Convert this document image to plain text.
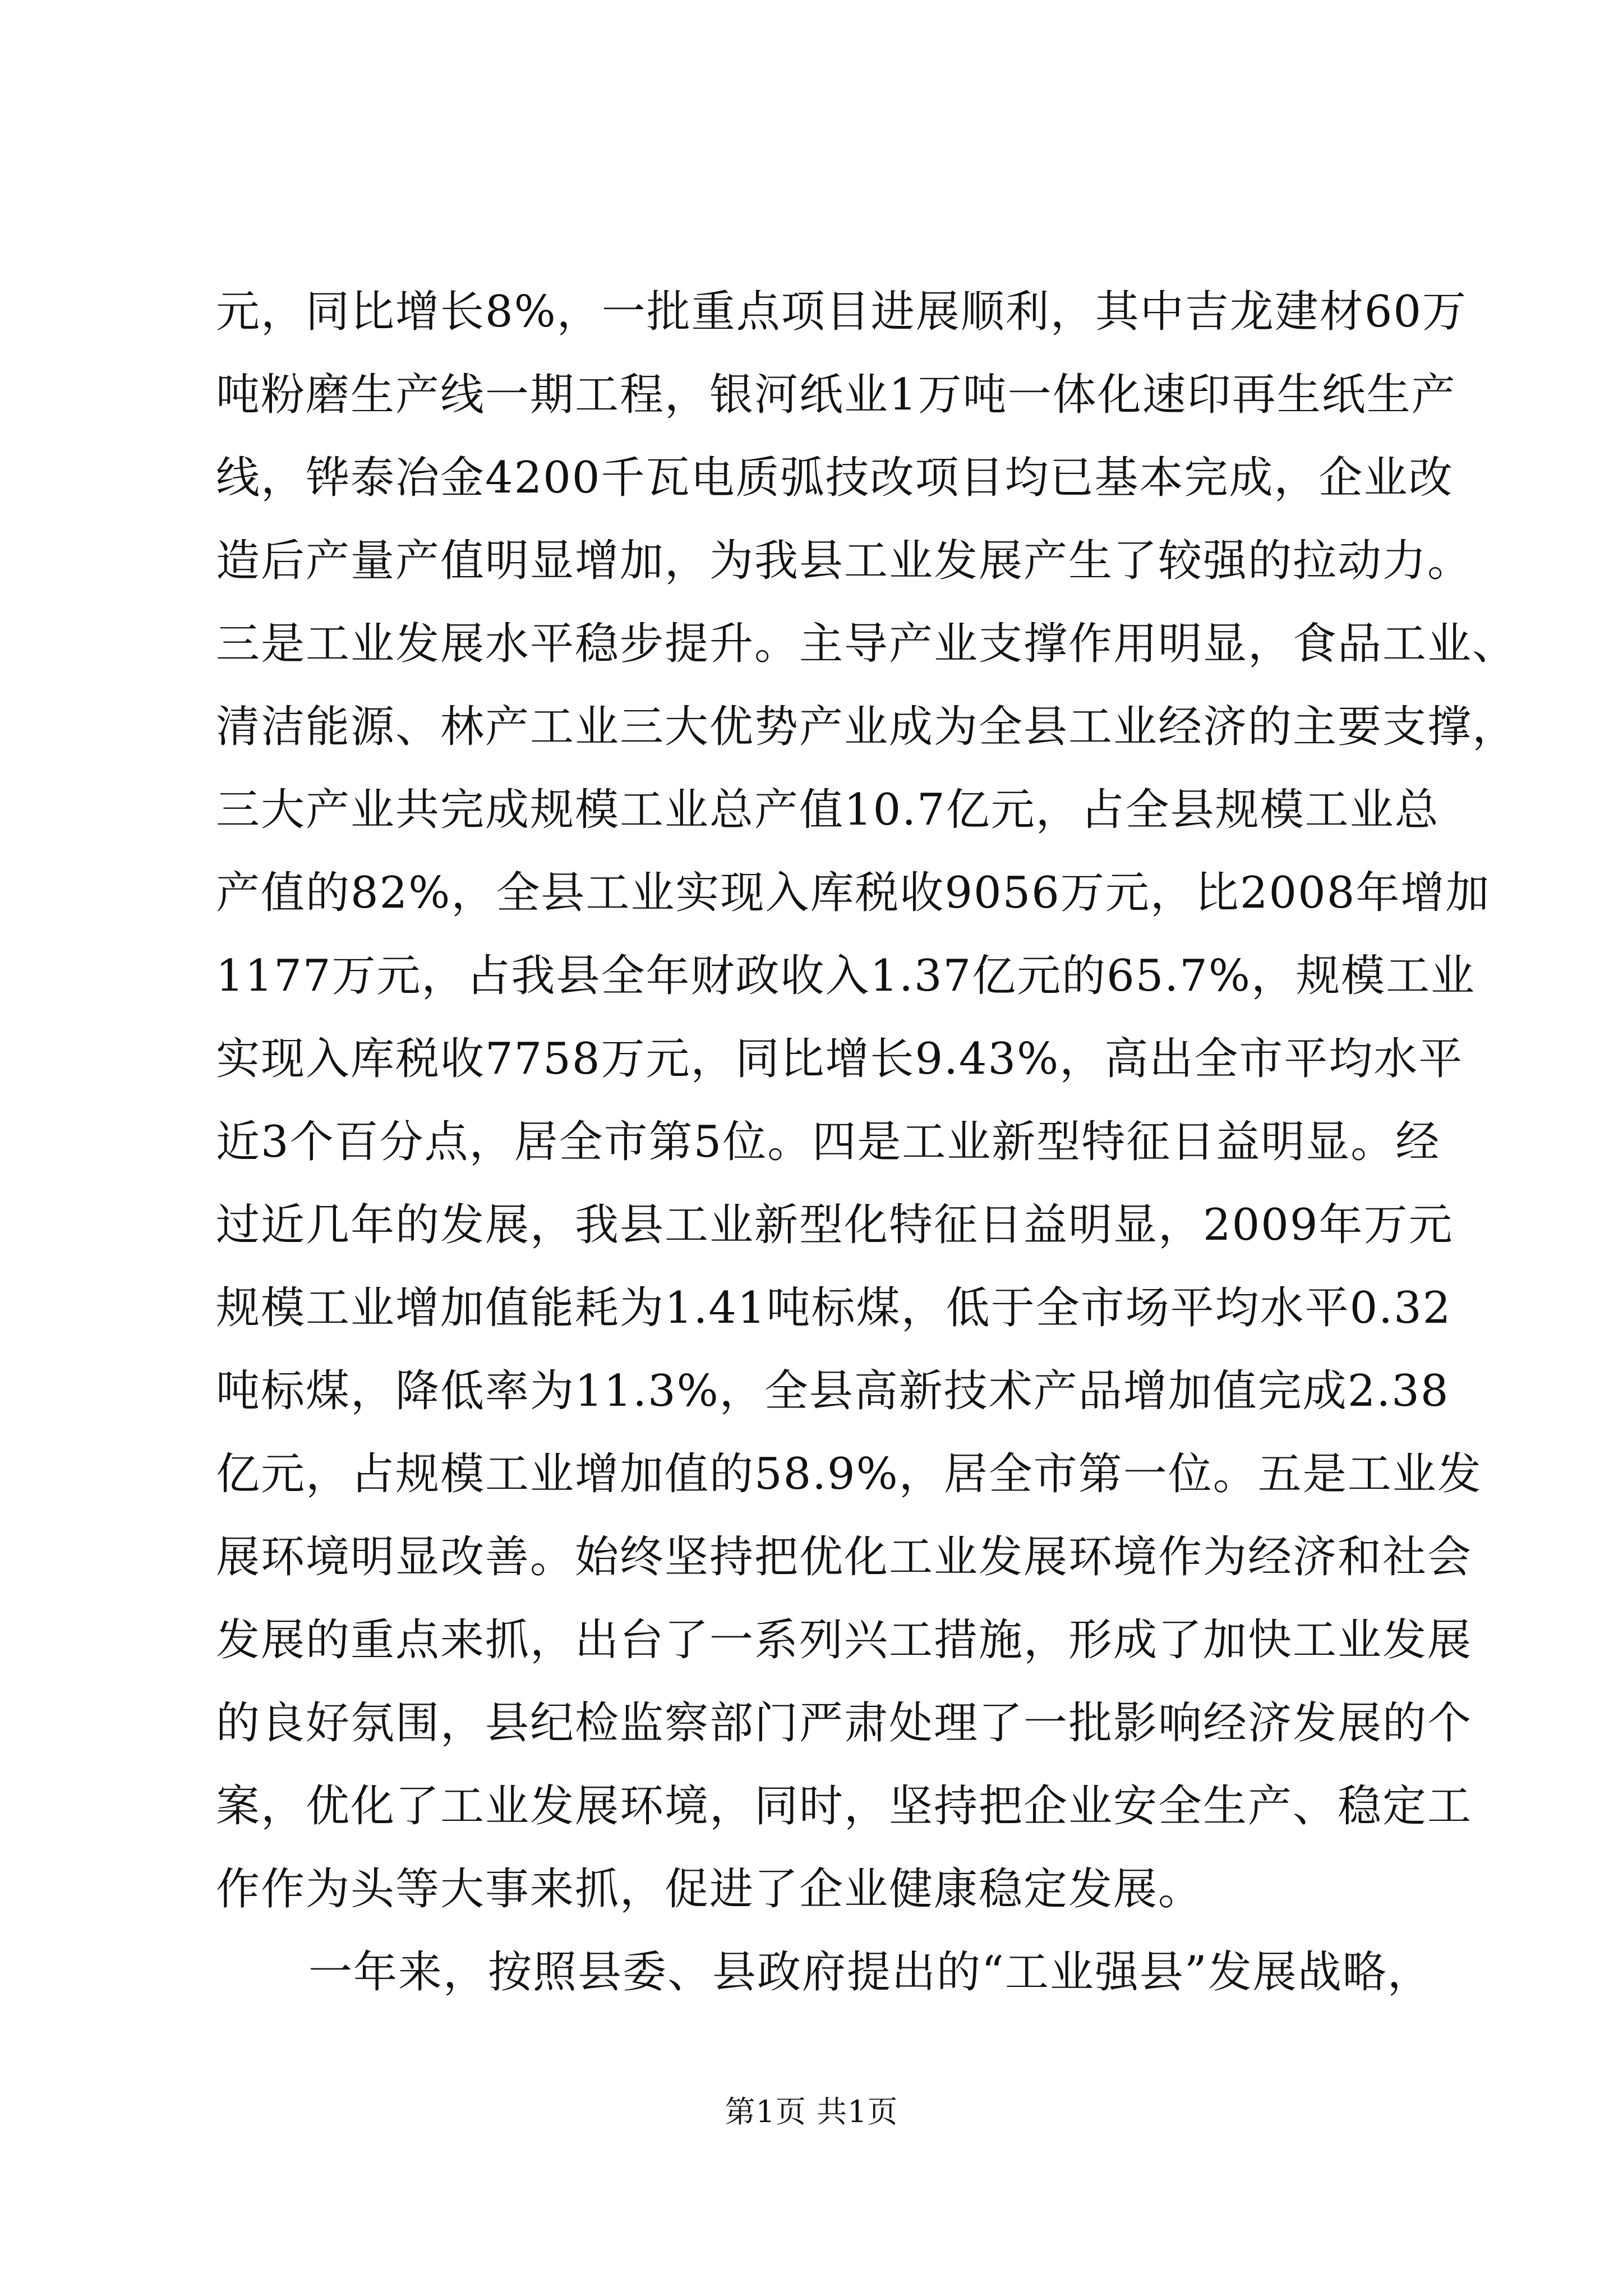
元，同比增长8%，一批重点项目进展顺利，其中吉龙建材60万
吨粉磨生产线一期工程，银河纸业1万吨一体化速印再生纸生产
线，铧泰冶金4200千瓦电质弧技改项目均已基本完成，企业改
造后产量产值明显增加，为我县工业发展产生了较强的拉动力。
三是工业发展水平稳步提升。主导产业支撑作用明显，食品工业、
清洁能源、林产工业三大优势产业成为全县工业经济的主要支撑，
三大产业共完成规模工业总产值10.7亿元，占全县规模工业总
产值的82%，全县工业实现入库税收9056万元，比2008年增加
1177万元，占我县全年财政收入1.37亿元的65.7%，规模工业
实现入库税收7758万元，同比增长9.43%，高出全市平均水平
近3个百分点，居全市第5位。四是工业新型特征日益明显。经
过近几年的发展，我县工业新型化特征日益明显，2009年万元
规模工业增加值能耗为1.41吨标煤，低于全市场平均水平0.32
吨标煤，降低率为11.3%，全县高新技术产品增加值完成2.38
亿元，占规模工业增加值的58.9%，居全市第一位。五是工业发
展环境明显改善。始终坚持把优化工业发展环境作为经济和社会
发展的重点来抓，出台了一系列兴工措施，形成了加快工业发展
的良好氛围，县纪检监察部门严肃处理了一批影响经济发展的个
案，优化了工业发展环境，同时，坚持把企业安全生产、稳定工
作作为头等大事来抓，促进了企业健康稳定发展。
一年来，按照县委、县政府提出的“工业强县”发展战略，
第1页 共1页
